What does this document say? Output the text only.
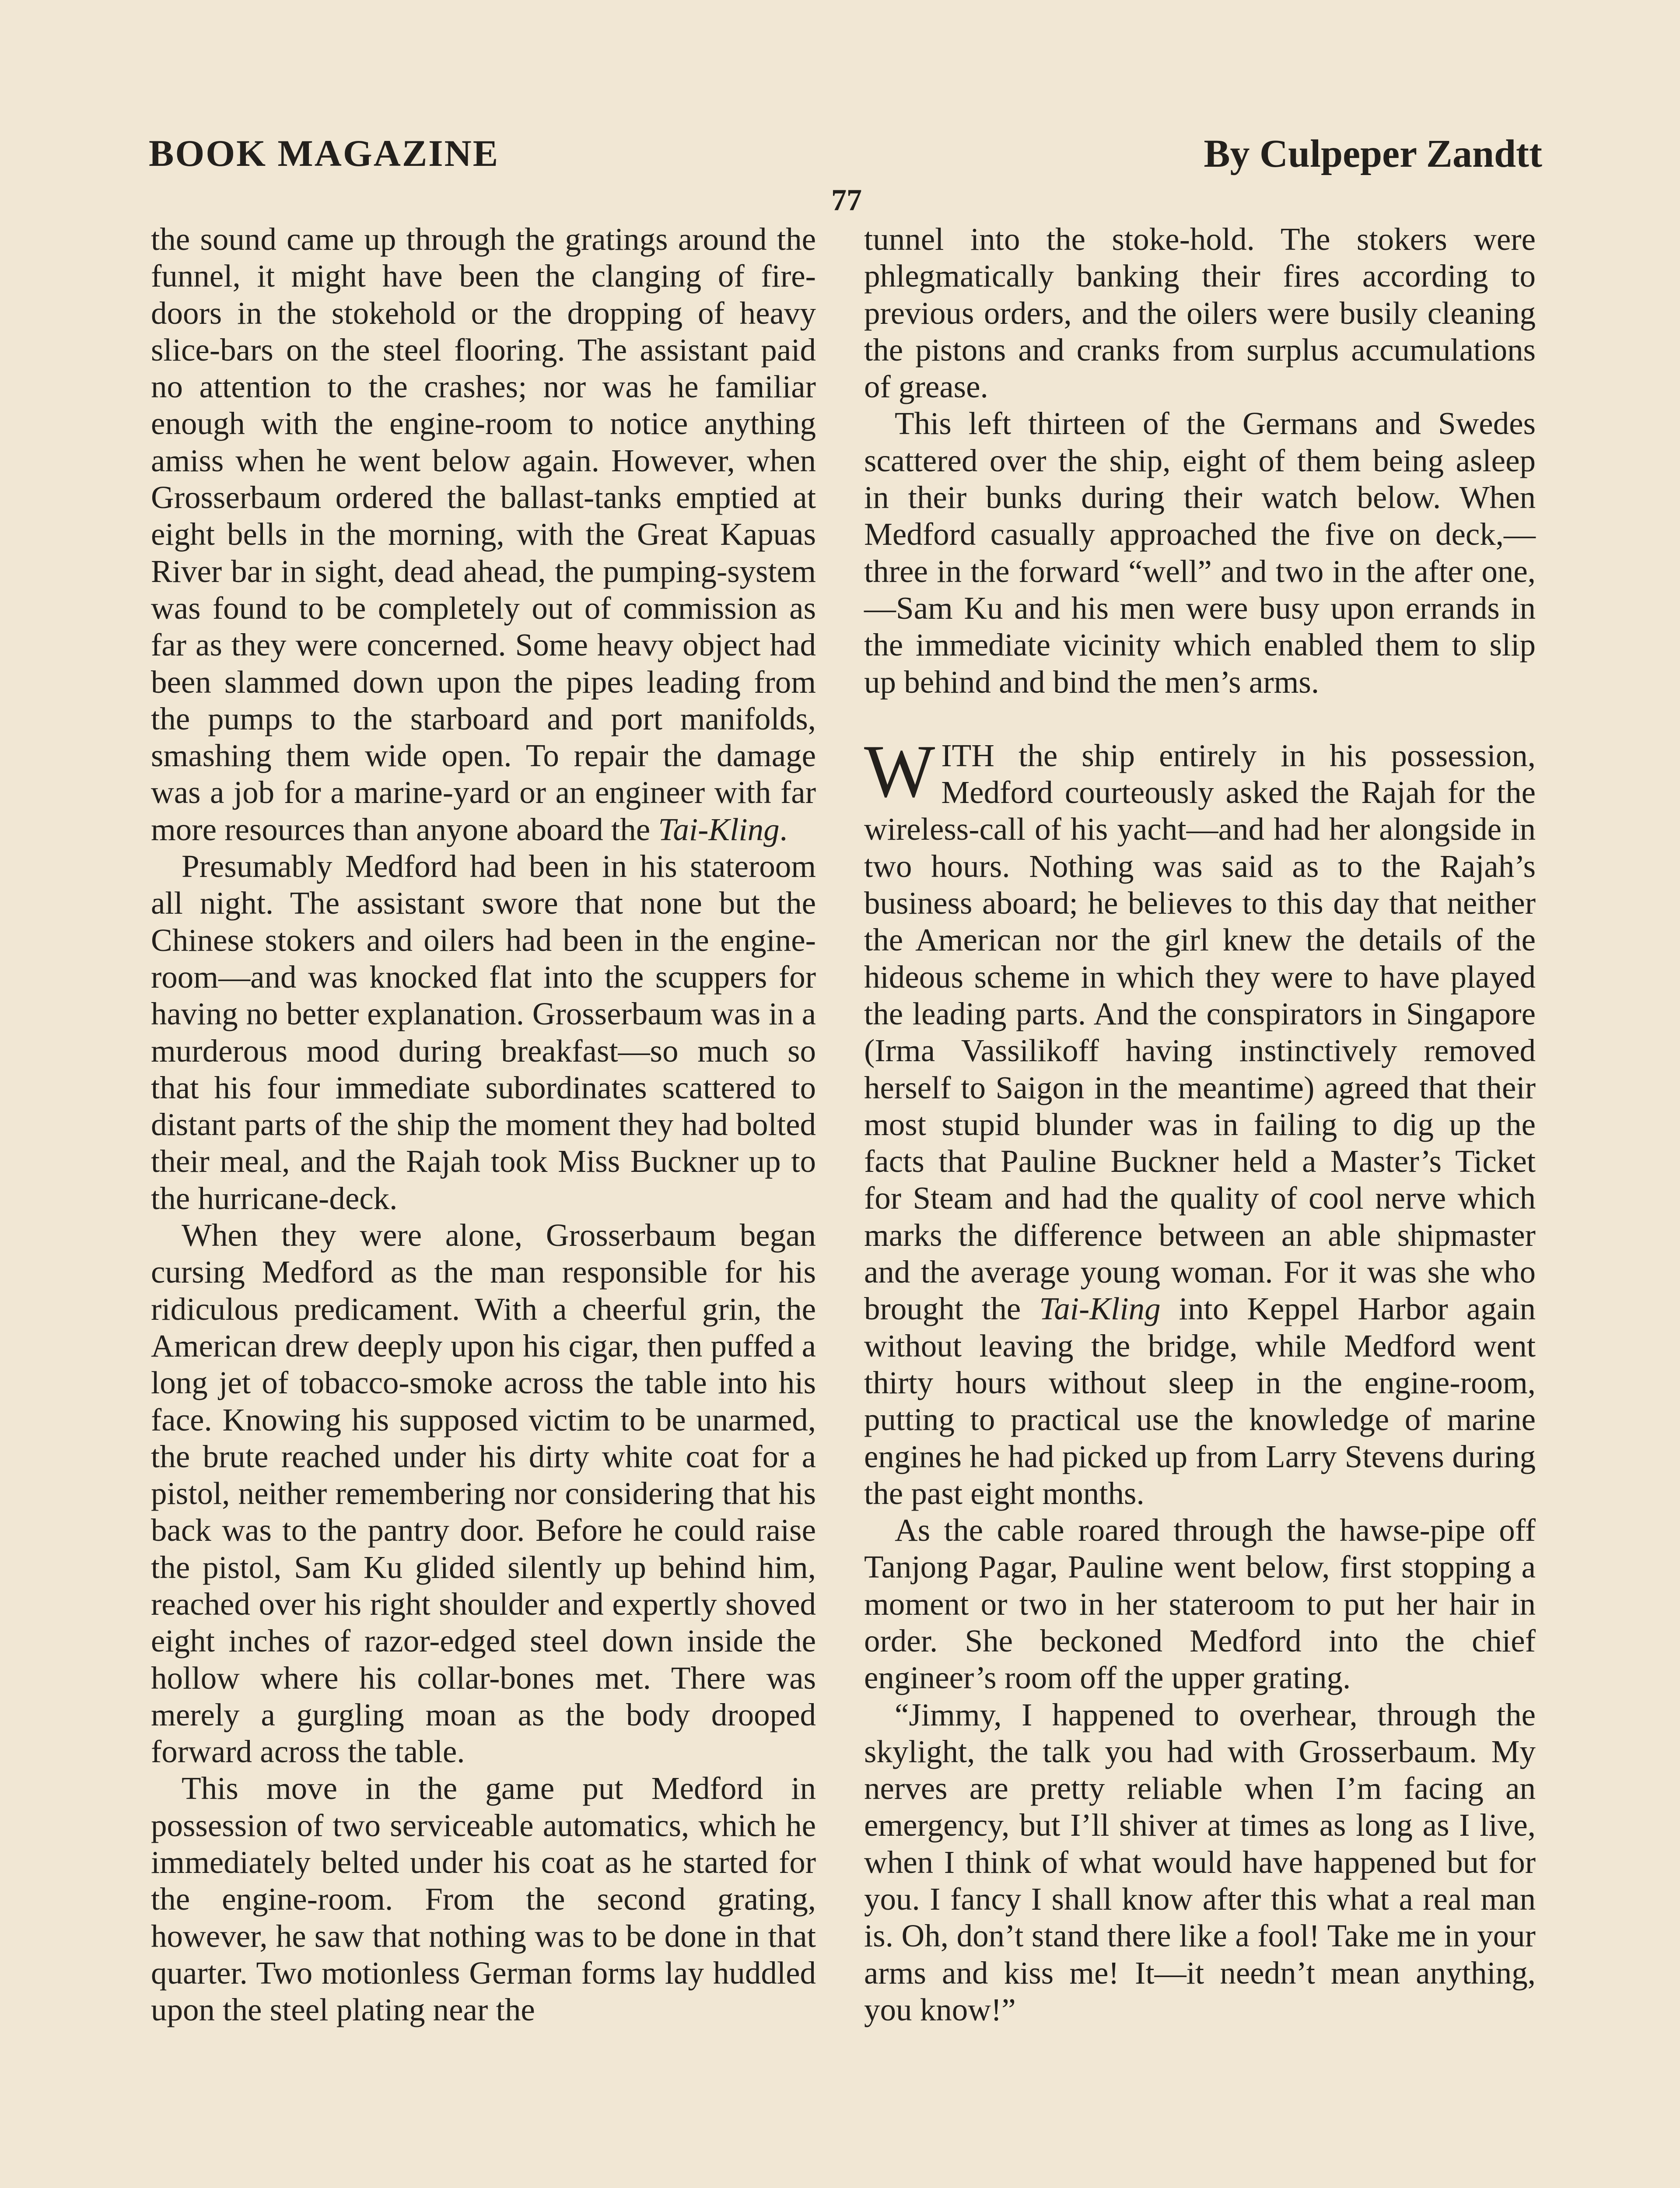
BOOK MAGAZINE	By Culpeper Zandtt
77

the sound came up through the gratings around the funnel, it might have been the clanging of fire-doors in the stokehold or the dropping of heavy slice-bars on the steel flooring. The assistant paid no attention to the crashes; nor was he familiar enough with the engine-room to notice anything amiss when he went below again. However, when Grosserbaum ordered the ballast-tanks emptied at eight bells in the morning, with the Great Kapuas River bar in sight, dead ahead, the pumping-system was found to be completely out of commission as far as they were concerned. Some heavy object had been slammed down upon the pipes leading from the pumps to the starboard and port manifolds, smashing them wide open. To repair the damage was a job for a marine-yard or an engineer with far more resources than anyone aboard the Tai-Kling.

Presumably Medford had been in his stateroom all night. The assistant swore that none but the Chinese stokers and oilers had been in the engine-room—and was knocked flat into the scuppers for having no better explanation. Grosserbaum was in a murderous mood during breakfast—so much so that his four immediate subordinates scattered to distant parts of the ship the moment they had bolted their meal, and the Rajah took Miss Buckner up to the hurricane-deck.

When they were alone, Grosserbaum began cursing Medford as the man responsible for his ridiculous predicament. With a cheerful grin, the American drew deeply upon his cigar, then puffed a long jet of tobacco-smoke across the table into his face. Knowing his supposed victim to be unarmed, the brute reached under his dirty white coat for a pistol, neither remembering nor considering that his back was to the pantry door. Before he could raise the pistol, Sam Ku glided silently up behind him, reached over his right shoulder and expertly shoved eight inches of razor-edged steel down inside the hollow where his collar-bones met. There was merely a gurgling moan as the body drooped forward across the table.

This move in the game put Medford in possession of two serviceable automatics, which he immediately belted under his coat as he started for the engine-room. From the second grating, however, he saw that nothing was to be done in that quarter. Two motionless German forms lay huddled upon the steel plating near the

tunnel into the stoke-hold. The stokers were phlegmatically banking their fires according to previous orders, and the oilers were busily cleaning the pistons and cranks from surplus accumulations of grease.

This left thirteen of the Germans and Swedes scattered over the ship, eight of them being asleep in their bunks during their watch below. When Medford casually approached the five on deck,—three in the forward “well” and two in the after one,—Sam Ku and his men were busy upon errands in the immediate vicinity which enabled them to slip up behind and bind the men’s arms.

WITH the ship entirely in his possession, Medford courteously asked the Rajah for the wireless-call of his yacht—and had her alongside in two hours. Nothing was said as to the Rajah’s business aboard; he believes to this day that neither the American nor the girl knew the details of the hideous scheme in which they were to have played the leading parts. And the conspirators in Singapore (Irma Vassilikoff having instinctively removed herself to Saigon in the meantime) agreed that their most stupid blunder was in failing to dig up the facts that Pauline Buckner held a Master’s Ticket for Steam and had the quality of cool nerve which marks the difference between an able shipmaster and the average young woman. For it was she who brought the Tai-Kling into Keppel Harbor again without leaving the bridge, while Medford went thirty hours without sleep in the engine-room, putting to practical use the knowledge of marine engines he had picked up from Larry Stevens during the past eight months.

As the cable roared through the hawse-pipe off Tanjong Pagar, Pauline went below, first stopping a moment or two in her stateroom to put her hair in order. She beckoned Medford into the chief engineer’s room off the upper grating.

“Jimmy, I happened to overhear, through the skylight, the talk you had with Grosserbaum. My nerves are pretty reliable when I’m facing an emergency, but I’ll shiver at times as long as I live, when I think of what would have happened but for you. I fancy I shall know after this what a real man is. Oh, don’t stand there like a fool! Take me in your arms and kiss me! It—it needn’t mean anything, you know!”
